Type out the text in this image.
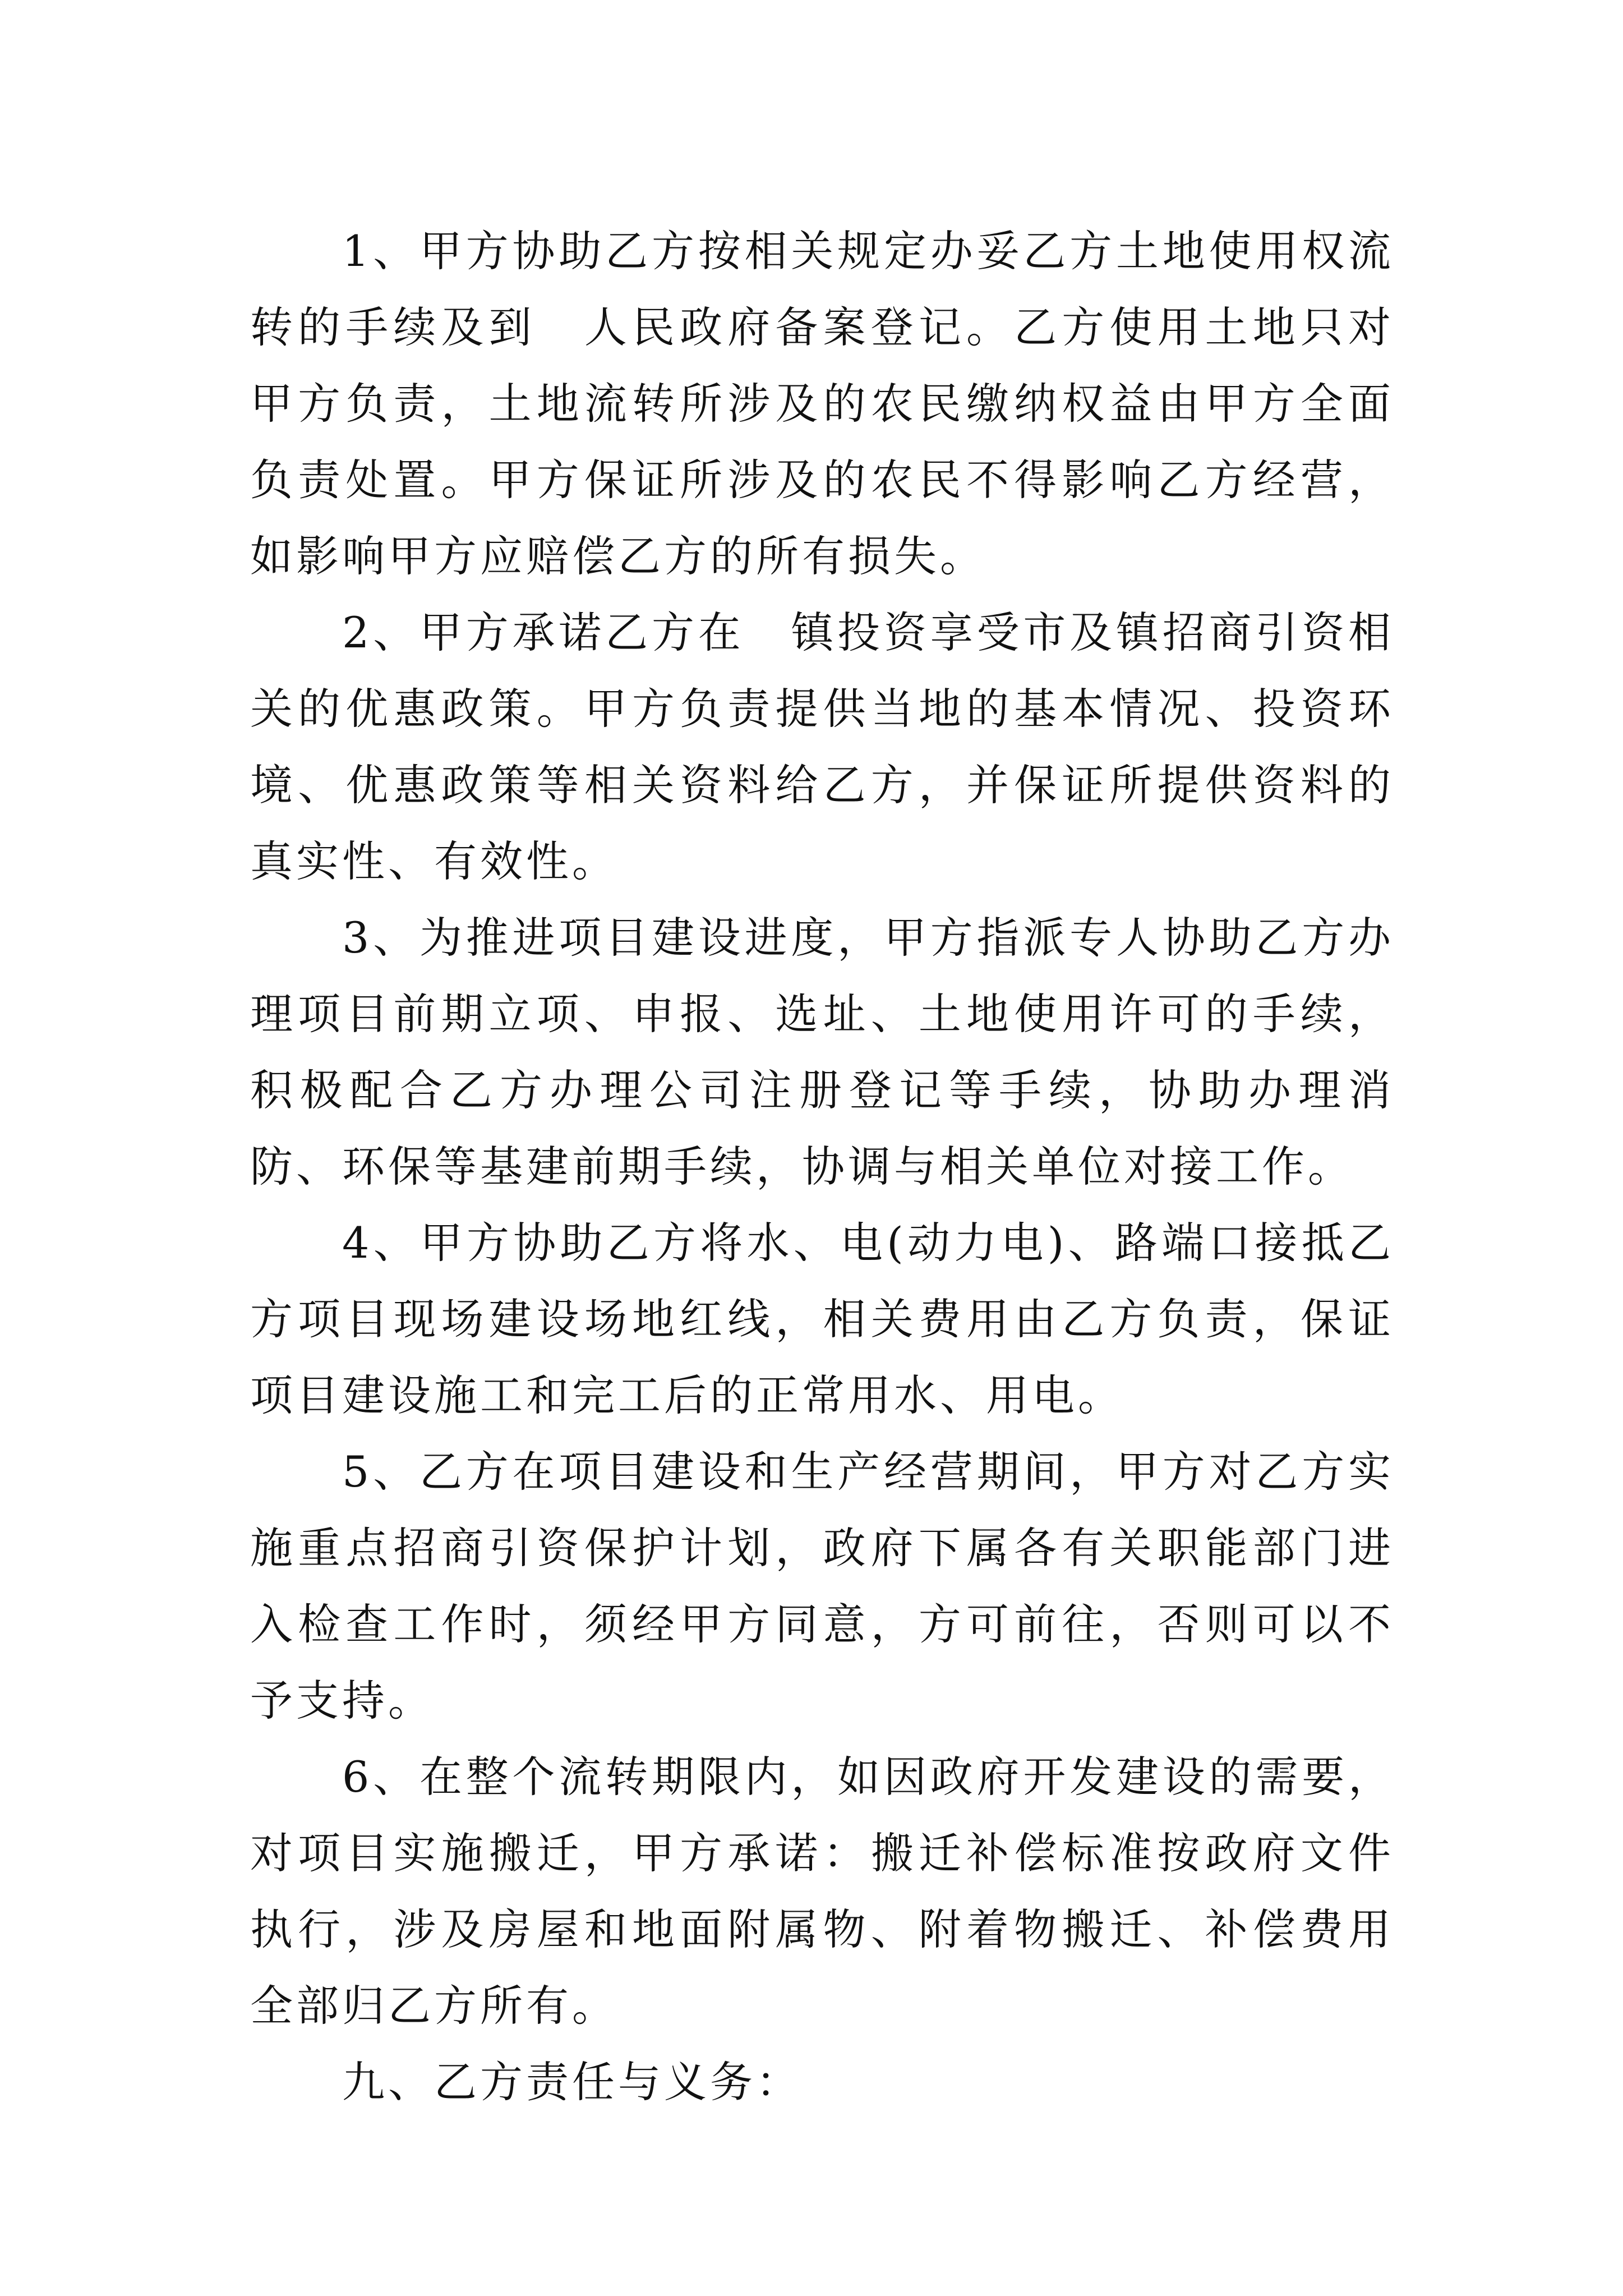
1、甲方协助乙方按相关规定办妥乙方土地使用权流转的手续及到　人民政府备案登记。乙方使用土地只对甲方负责，土地流转所涉及的农民缴纳权益由甲方全面负责处置。甲方保证所涉及的农民不得影响乙方经营，如影响甲方应赔偿乙方的所有损失。

2、甲方承诺乙方在　镇投资享受市及镇招商引资相关的优惠政策。甲方负责提供当地的基本情况、投资环境、优惠政策等相关资料给乙方，并保证所提供资料的真实性、有效性。

3、为推进项目建设进度，甲方指派专人协助乙方办理项目前期立项、申报、选址、土地使用许可的手续，积极配合乙方办理公司注册登记等手续，协助办理消防、环保等基建前期手续，协调与相关单位对接工作。

4、甲方协助乙方将水、电(动力电)、路端口接抵乙方项目现场建设场地红线，相关费用由乙方负责，保证项目建设施工和完工后的正常用水、用电。

5、乙方在项目建设和生产经营期间，甲方对乙方实施重点招商引资保护计划，政府下属各有关职能部门进入检查工作时，须经甲方同意，方可前往，否则可以不予支持。

6、在整个流转期限内，如因政府开发建设的需要，对项目实施搬迁，甲方承诺：搬迁补偿标准按政府文件执行，涉及房屋和地面附属物、附着物搬迁、补偿费用全部归乙方所有。

九、乙方责任与义务：
